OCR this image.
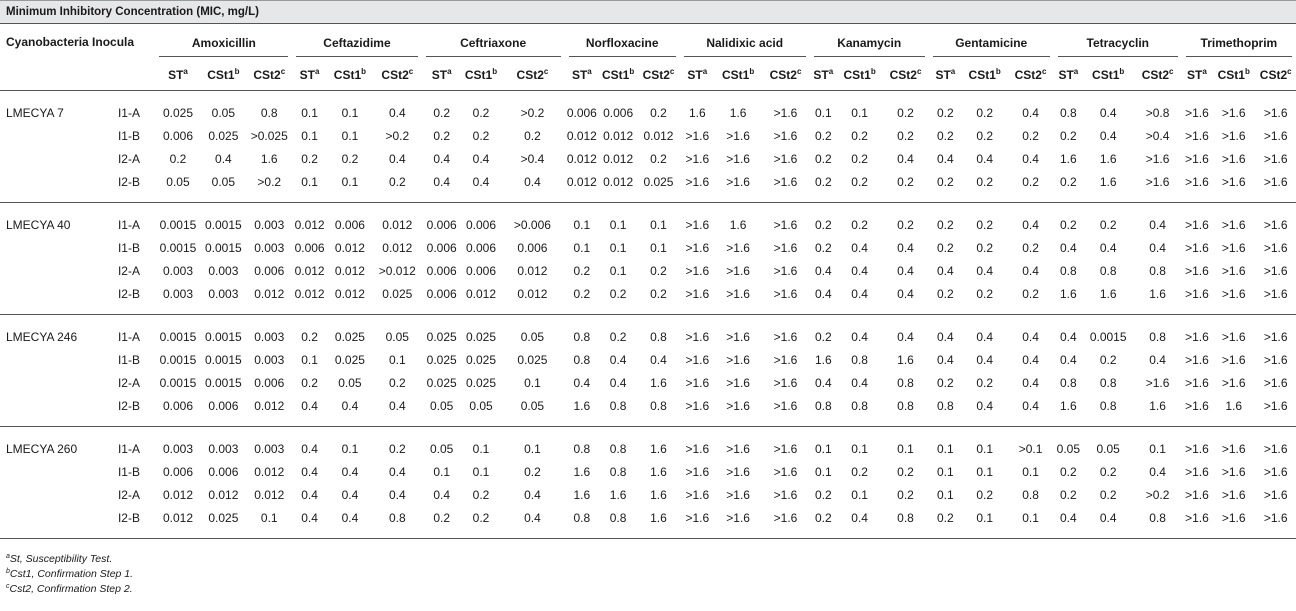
Minimum Inhibitory Concentration (MIC, mg/L)
Cyanobacteria Inocula		Amoxicillin			Ceftazidime			Ceftriaxone			Norfloxacine			Nalidixic acid			Kanamycin			Gentamicine			Tetracyclin			Trimethoprim		

		$ST^a$	CSt1$^b$	CSt2$^c$	$ST^a$	CSt1$^b$	CSt2$^c$	$ST^a$	CSt1$^b$	CSt2$^c$	$ST^a$	CSt1$^b$	CSt2$^c$	$ST^a$	CSt1$^b$	CSt2$^c$	$ST^a$	CSt1$^b$	CSt2$^c$	$ST^a$	CSt1$^b$	CSt2$^c$	$ST^a$	CSt1$^b$	CSt2$^c$	$ST^a$	CSt1$^b$	CSt2$^c$
LMECYA 7	I1-A	0.025	0.05	0.8	0.1	0.1	0.4	0.2	0.2	>0.2	0.006	0.006	0.2	1.6	1.6	>1.6	0.1	0.1	0.2	0.2	0.2	0.4	0.8	0.4	>0.8	>1.6	>1.6	>1.6
	I1-B	0.006	0.025	>0.025	0.1	0.1	>0.2	0.2	0.2	0.2	0.012	0.012	0.012	>1.6	>1.6	>1.6	0.2	0.2	0.2	0.2	0.2	0.2	0.2	0.4	>0.4	>1.6	>1.6	>1.6
	I2-A	0.2	0.4	1.6	0.2	0.2	0.4	0.4	0.4	>0.4	0.012	0.012	0.2	>1.6	>1.6	>1.6	0.2	0.2	0.4	0.4	0.4	0.4	1.6	1.6	>1.6	>1.6	>1.6	>1.6
	I2-B	0.05	0.05	>0.2	0.1	0.1	0.2	0.4	0.4	0.4	0.012	0.012	0.025	>1.6	>1.6	>1.6	0.2	0.2	0.2	0.2	0.2	0.2	0.2	1.6	>1.6	>1.6	>1.6	>1.6
LMECYA 40	I1-A	0.0015	0.0015	0.003	0.012	0.006	0.012	0.006	0.006	>0.006	0.1	0.1	0.1	>1.6	1.6	>1.6	0.2	0.2	0.2	0.2	0.2	0.4	0.2	0.2	0.4	>1.6	>1.6	>1.6
	I1-B	0.0015	0.0015	0.003	0.006	0.012	0.012	0.006	0.006	0.006	0.1	0.1	0.1	>1.6	>1.6	>1.6	0.2	0.4	0.4	0.2	0.2	0.2	0.4	0.4	0.4	>1.6	>1.6	>1.6
	I2-A	0.003	0.003	0.006	0.012	0.012	>0.012	0.006	0.006	0.012	0.2	0.1	0.2	>1.6	>1.6	>1.6	0.4	0.4	0.4	0.4	0.4	0.4	0.8	0.8	0.8	>1.6	>1.6	>1.6
	I2-B	0.003	0.003	0.012	0.012	0.012	0.025	0.006	0.012	0.012	0.2	0.2	0.2	>1.6	>1.6	>1.6	0.4	0.4	0.4	0.2	0.2	0.2	1.6	1.6	1.6	>1.6	>1.6	>1.6
LMECYA 246	I1-A	0.0015	0.0015	0.003	0.2	0.025	0.05	0.025	0.025	0.05	0.8	0.2	0.8	>1.6	>1.6	>1.6	0.2	0.4	0.4	0.4	0.4	0.4	0.4	0.0015	0.8	>1.6	>1.6	>1.6
	I1-B	0.0015	0.0015	0.003	0.1	0.025	0.1	0.025	0.025	0.025	0.8	0.4	0.4	>1.6	>1.6	>1.6	1.6	0.8	1.6	0.4	0.4	0.4	0.4	0.2	0.4	>1.6	>1.6	>1.6
	I2-A	0.0015	0.0015	0.006	0.2	0.05	0.2	0.025	0.025	0.1	0.4	0.4	1.6	>1.6	>1.6	>1.6	0.4	0.4	0.8	0.2	0.2	0.4	0.8	0.8	>1.6	>1.6	>1.6	>1.6
	I2-B	0.006	0.006	0.012	0.4	0.4	0.4	0.05	0.05	0.05	1.6	0.8	0.8	>1.6	>1.6	>1.6	0.8	0.8	0.8	0.8	0.4	0.4	1.6	0.8	1.6	>1.6	1.6	>1.6
LMECYA 260	I1-A	0.003	0.003	0.003	0.4	0.1	0.2	0.05	0.1	0.1	0.8	0.8	1.6	>1.6	>1.6	>1.6	0.1	0.1	0.1	0.1	0.1	>0.1	0.05	0.05	0.1	>1.6	>1.6	>1.6
	I1-B	0.006	0.006	0.012	0.4	0.4	0.4	0.1	0.1	0.2	1.6	0.8	1.6	>1.6	>1.6	>1.6	0.1	0.2	0.2	0.1	0.1	0.1	0.2	0.2	0.4	>1.6	>1.6	>1.6
	I2-A	0.012	0.012	0.012	0.4	0.4	0.4	0.4	0.2	0.4	1.6	1.6	1.6	>1.6	>1.6	>1.6	0.2	0.1	0.2	0.1	0.2	0.8	0.2	0.2	>0.2	>1.6	>1.6	>1.6
	I2-B	0.012	0.025	0.1	0.4	0.4	0.8	0.2	0.2	0.4	0.8	0.8	1.6	>1.6	>1.6	>1.6	0.2	0.4	0.8	0.2	0.1	0.1	0.4	0.4	0.8	>1.6	>1.6	>1.6
$^a$St, Susceptibility Test.
$^b$Cst1, Confirmation Step 1.
$^c$Cst2, Confirmation Step 2.
